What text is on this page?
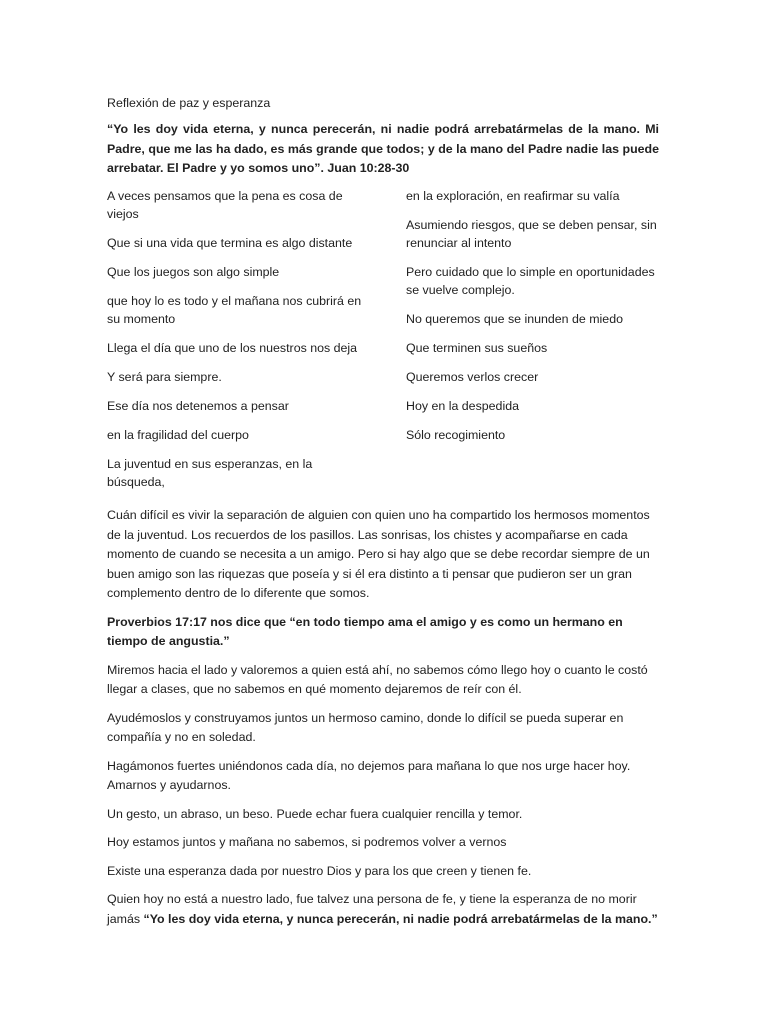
Reflexión de paz y esperanza
“Yo les doy vida eterna, y nunca perecerán, ni nadie podrá arrebatármelas de la mano. Mi Padre, que me las ha dado, es más grande que todos; y de la mano del Padre nadie las puede arrebatar. El Padre y yo somos uno”. Juan 10:28-30

A veces pensamos que la pena es cosa de viejos

Que si una vida que termina es algo distante

Que los juegos son algo simple

que hoy lo es todo y el mañana nos cubrirá en su momento

Llega el día que uno de los nuestros nos deja

Y será para siempre.

Ese día nos detenemos a pensar

en la fragilidad del cuerpo

La juventud en sus esperanzas, en la búsqueda,

en la exploración, en reafirmar su valía

Asumiendo riesgos, que se deben pensar, sin renunciar al intento

Pero cuidado que lo simple en oportunidades se vuelve complejo.

No queremos que se inunden de miedo

Que terminen sus sueños

Queremos verlos crecer

Hoy en la despedida

Sólo recogimiento

Cuán difícil es vivir la separación de alguien con quien uno ha compartido los hermosos momentos de la juventud. Los recuerdos de los pasillos. Las sonrisas, los chistes y acompañarse en cada momento de cuando se necesita a un amigo. Pero si hay algo que se debe recordar siempre de un buen amigo son las riquezas que poseía y si él era distinto a ti pensar que pudieron ser un gran complemento dentro de lo diferente que somos.

Proverbios 17:17 nos dice que “en todo tiempo ama el amigo y es como un hermano en tiempo de angustia.”

Miremos hacia el lado y valoremos a quien está ahí, no sabemos cómo llego hoy o cuanto le costó llegar a clases, que no sabemos en qué momento dejaremos de reír con él.

Ayudémoslos y construyamos juntos un hermoso camino, donde lo difícil se pueda superar en compañía y no en soledad.

Hagámonos fuertes uniéndonos cada día, no dejemos para mañana lo que nos urge hacer hoy. Amarnos y ayudarnos.

Un gesto, un abraso, un beso. Puede echar fuera cualquier rencilla y temor.

Hoy estamos juntos y mañana no sabemos, si podremos volver a vernos

Existe una esperanza dada por nuestro Dios y para los que creen y tienen fe.

Quien hoy no está a nuestro lado, fue talvez una persona de fe, y tiene la esperanza de no morir jamás “Yo les doy vida eterna, y nunca perecerán, ni nadie podrá arrebatármelas de la mano.”
